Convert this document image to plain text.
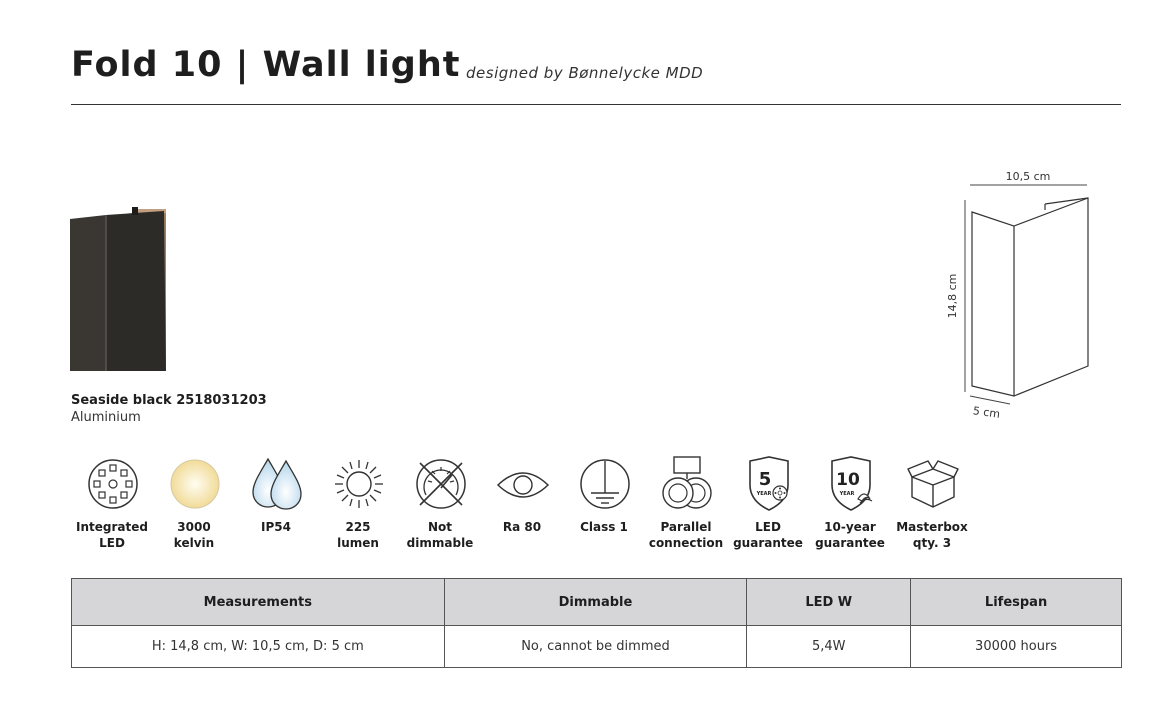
Fold 10 | Wall light designed by Bønnelycke MDD
Seaside black 2518031203
Aluminium
10,5 cm
14,8 cm
5 cm
Integrated
LED
3000
kelvin
IP54	225
lumen
Not
dimmable
Ra 80	Class 1	Parallel
connection
5
YEAR
LED
guarantee
10
YEAR
10-year
guarantee
Masterbox
qty. 3
Measurements	Dimmable	LED W	Lifespan
H: 14,8 cm, W: 10,5 cm, D: 5 cm	No, cannot be dimmed	5,4W	30000 hours
